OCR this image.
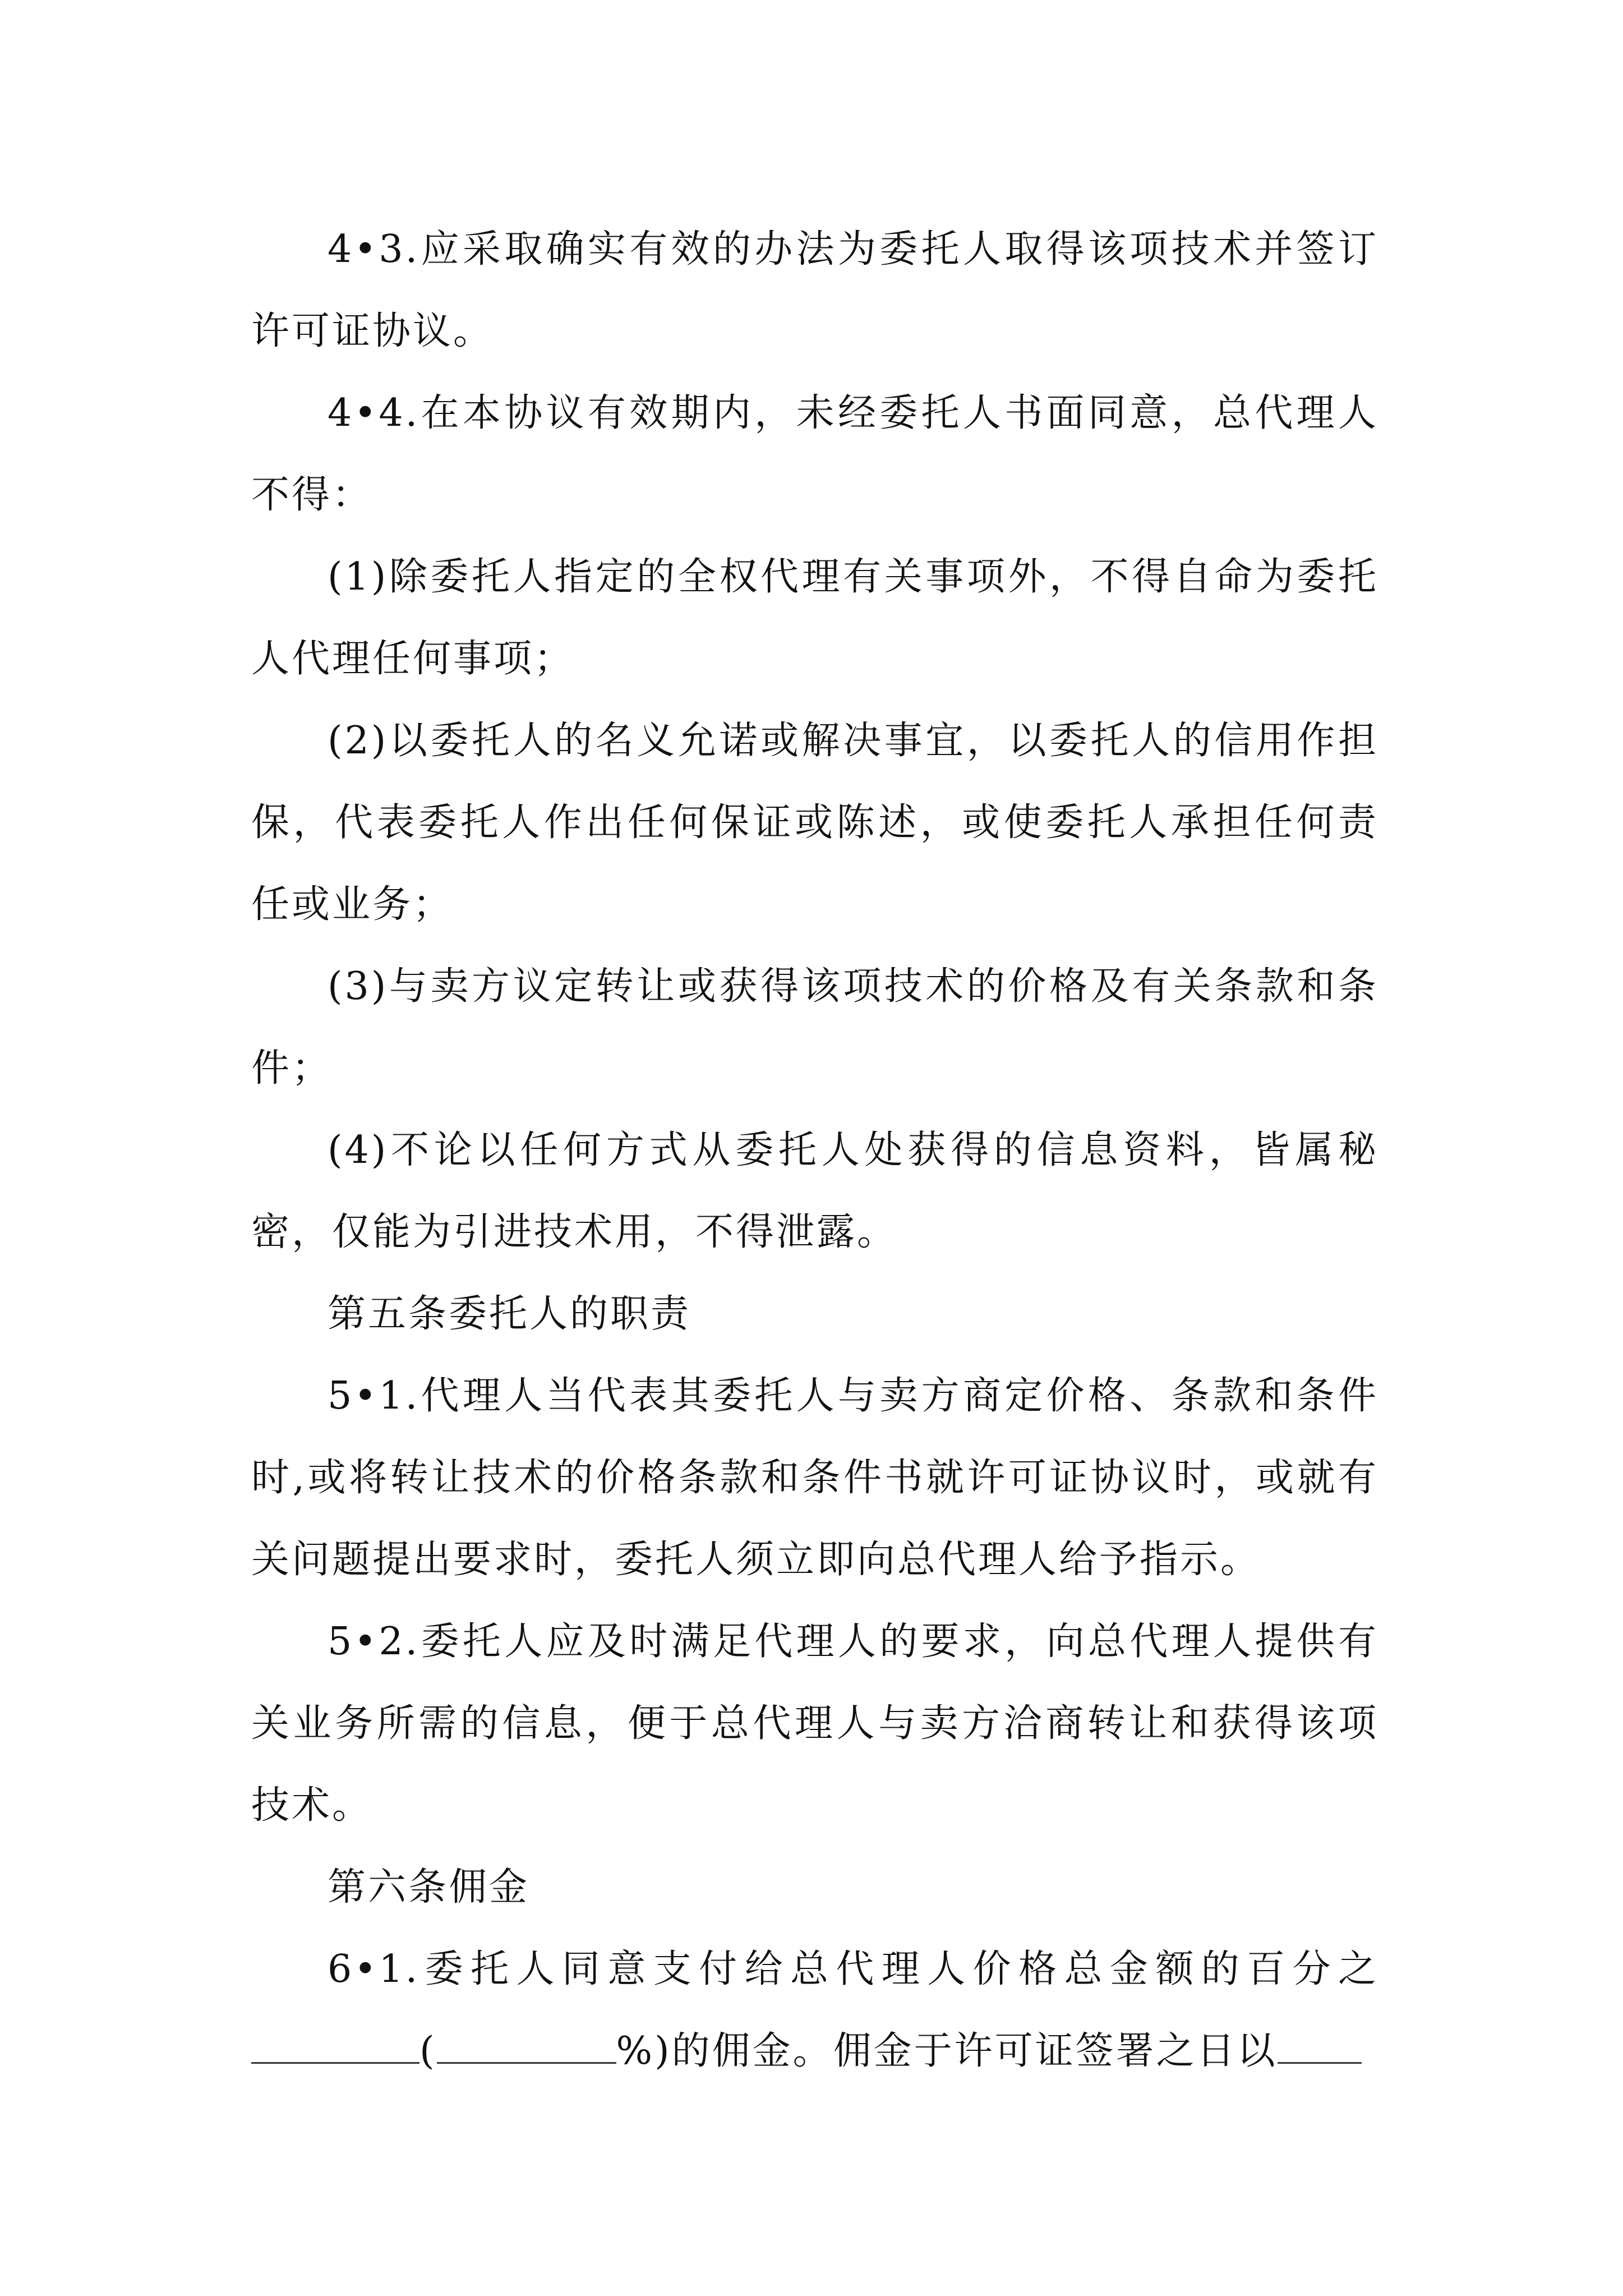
4•3.应采取确实有效的办法为委托人取得该项技术并签订许可证协议。

4•4.在本协议有效期内，未经委托人书面同意，总代理人不得：

(1)除委托人指定的全权代理有关事项外，不得自命为委托人代理任何事项；

(2)以委托人的名义允诺或解决事宜，以委托人的信用作担保，代表委托人作出任何保证或陈述，或使委托人承担任何责任或业务；

(3)与卖方议定转让或获得该项技术的价格及有关条款和条件；

(4)不论以任何方式从委托人处获得的信息资料，皆属秘密，仅能为引进技术用，不得泄露。

第五条委托人的职责

5•1.代理人当代表其委托人与卖方商定价格、条款和条件时,或将转让技术的价格条款和条件书就许可证协议时，或就有关问题提出要求时，委托人须立即向总代理人给予指示。

5•2.委托人应及时满足代理人的要求，向总代理人提供有关业务所需的信息，便于总代理人与卖方洽商转让和获得该项技术。

第六条佣金

6•1.委托人同意支付给总代理人价格总金额的百分之(	%)的佣金。佣金于许可证签署之日以
